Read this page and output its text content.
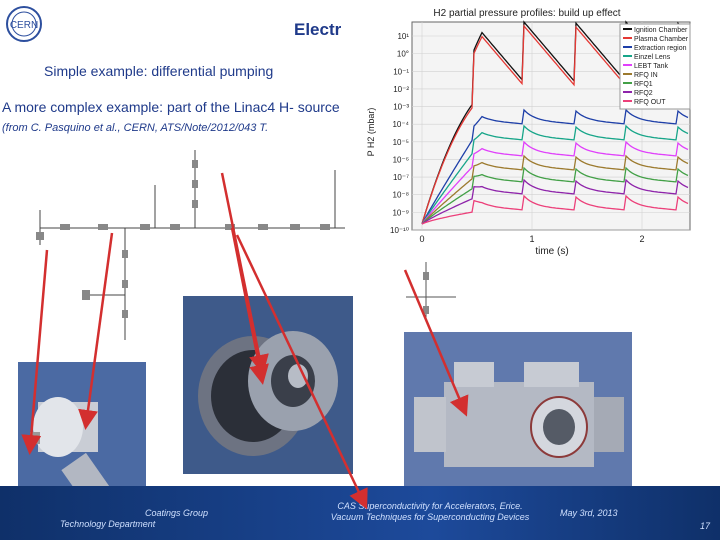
CERN	Electr
Simple example: differential pumping
A more complex example: part of the Linac4 H- source (from C. Pasquino et al., CERN, ATS/Note/2012/043 T.
H2 partial pressure profiles: build up effect
10¹
10°
10⁻¹
10⁻²
10⁻³
10⁻⁴
10⁻⁵
10⁻⁶
10⁻⁷
10⁻⁸
10⁻⁹
10⁻¹⁰
0	1	2
P H2 (mbar)
time (s)
Ignition Chamber
Plasma Chamber
Extraction region
Einzel Lens
LEBT Tank
RFQ IN
RFQ1
RFQ2
RFQ OUT
Coatings Group
Technology Department
CAS Superconductivity for Accelerators, Erice.
Vacuum Techniques for Superconducting Devices	May 3rd, 2013
17
